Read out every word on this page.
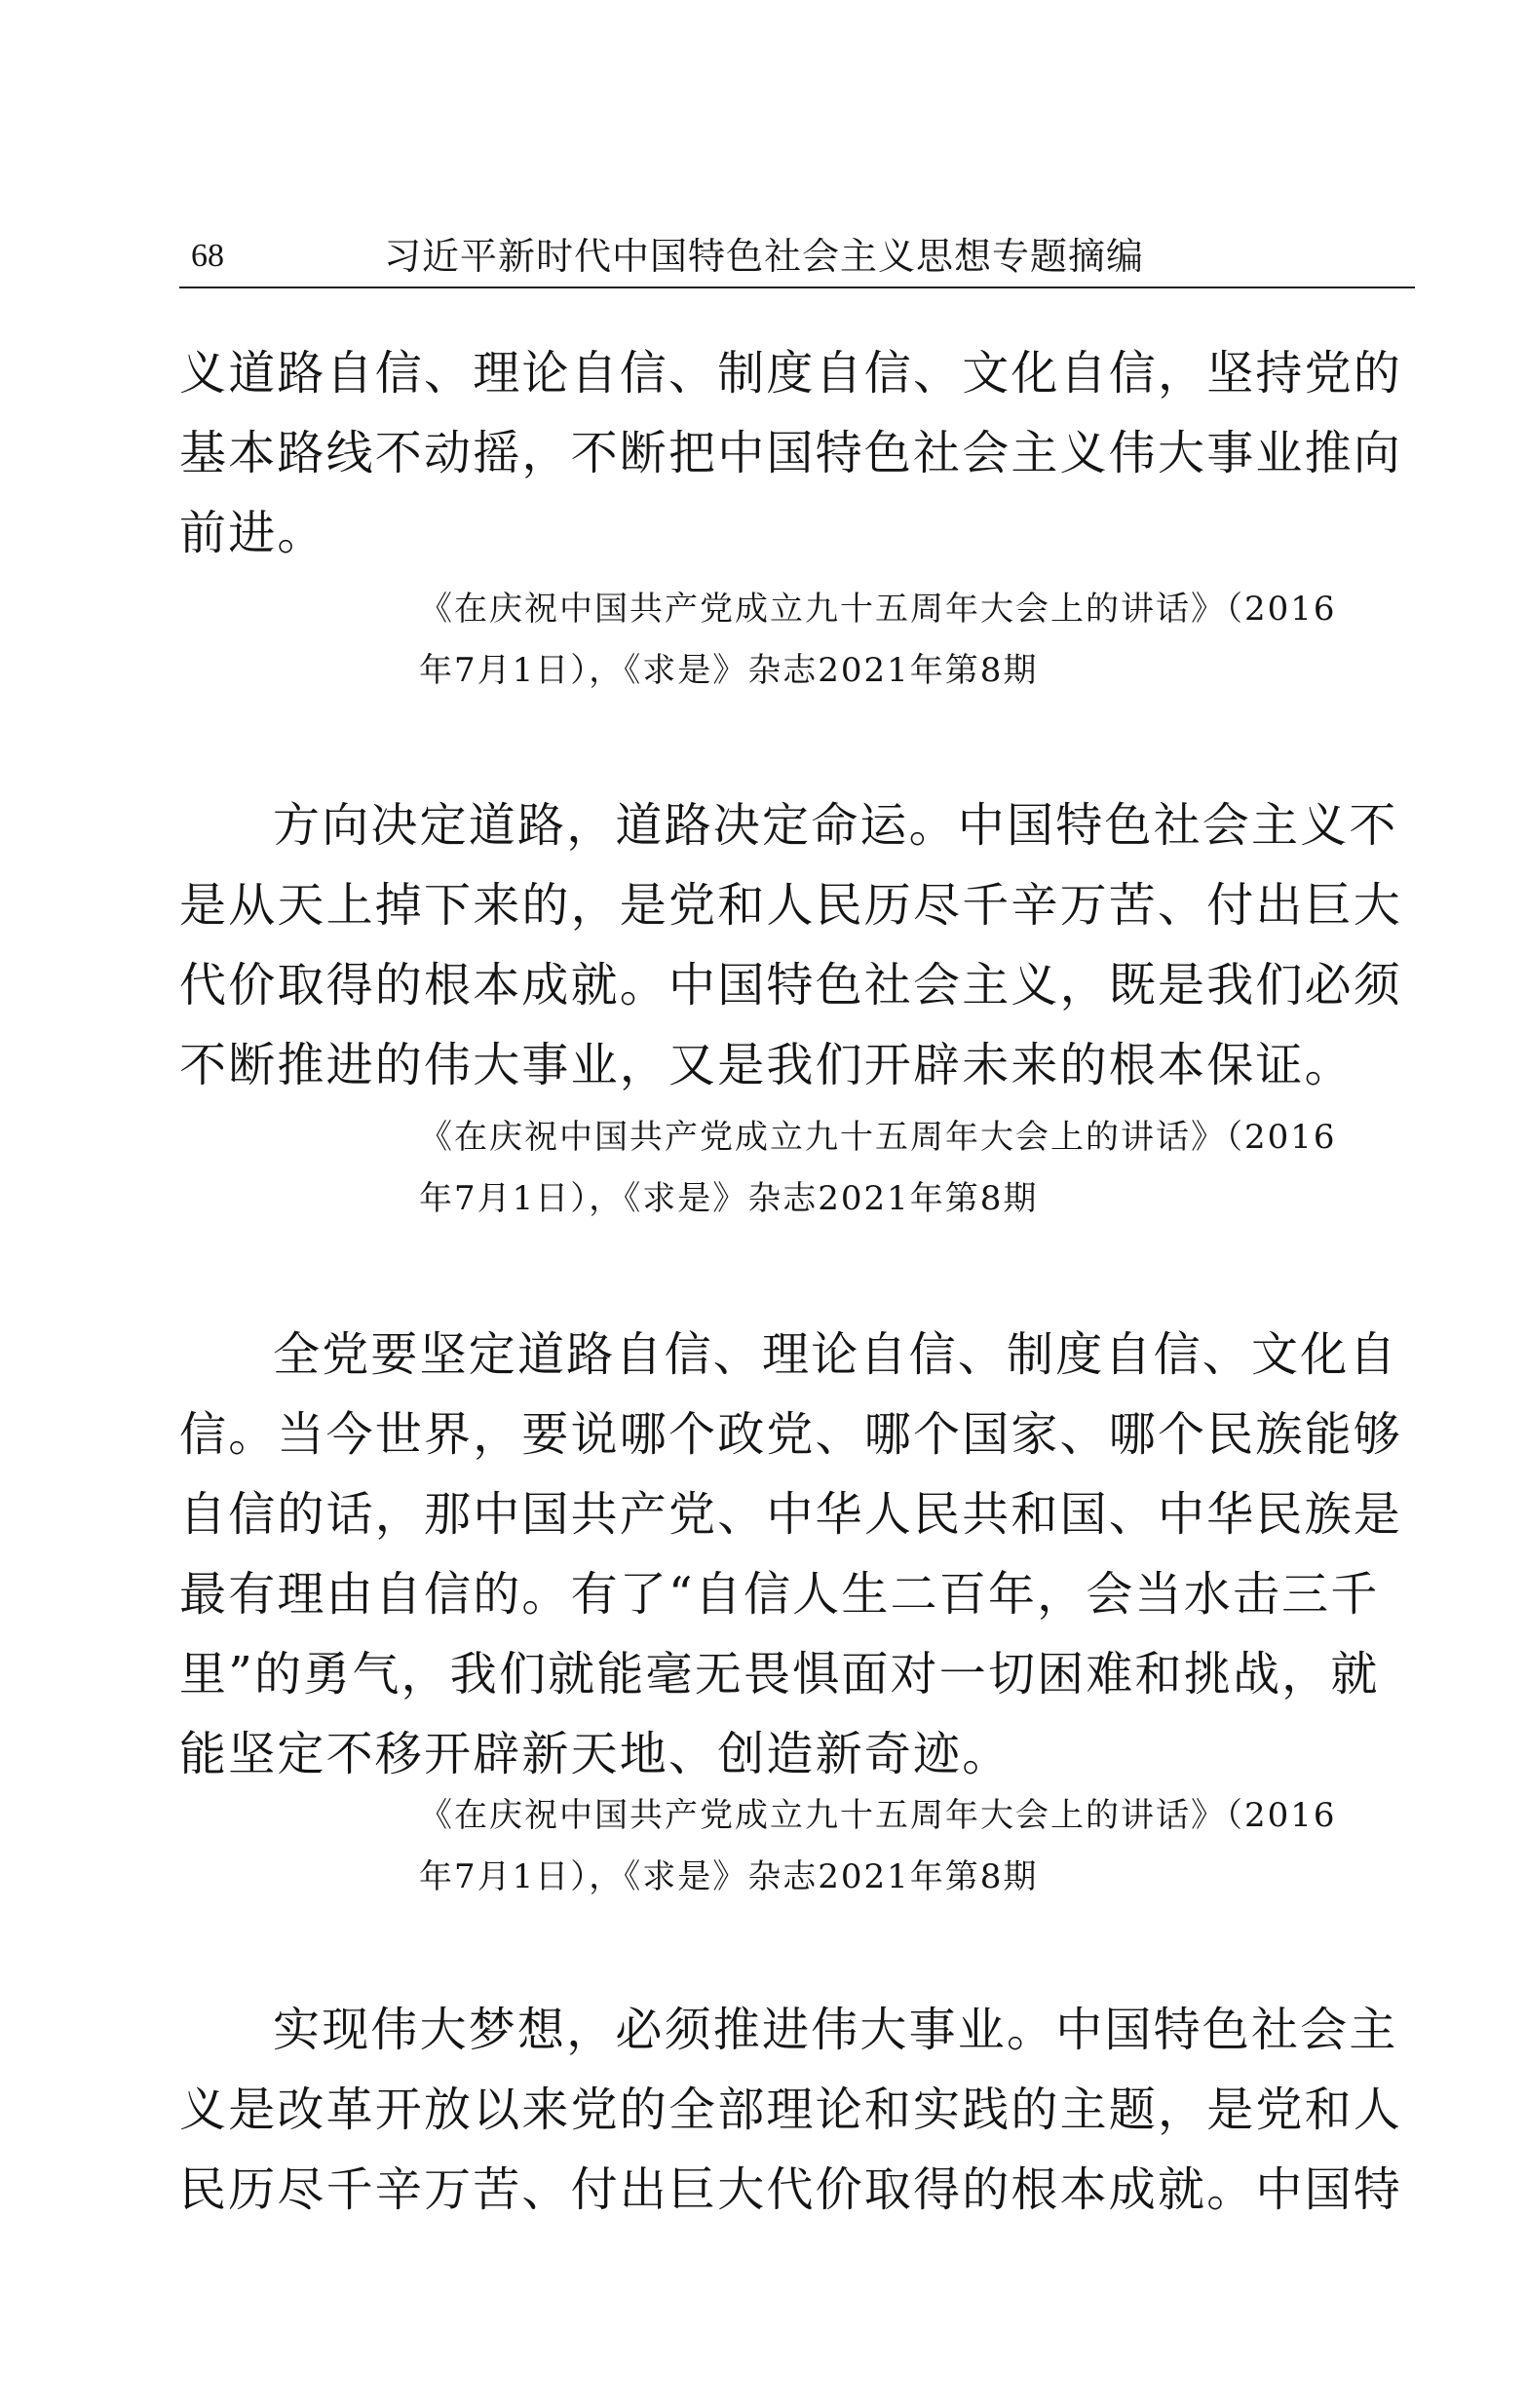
68	习近平新时代中国特色社会主义思想专题摘编
义道路自信、理论自信、制度自信、文化自信，坚持党的
基本路线不动摇，不断把中国特色社会主义伟大事业推向
前进。
《在庆祝中国共产党成立九十五周年大会上的讲话》（2016
年7月1日），《求是》杂志2021年第8期
方向决定道路，道路决定命运。中国特色社会主义不
是从天上掉下来的，是党和人民历尽千辛万苦、付出巨大
代价取得的根本成就。中国特色社会主义，既是我们必须
不断推进的伟大事业，又是我们开辟未来的根本保证。
《在庆祝中国共产党成立九十五周年大会上的讲话》（2016
年7月1日），《求是》杂志2021年第8期
全党要坚定道路自信、理论自信、制度自信、文化自
信。当今世界，要说哪个政党、哪个国家、哪个民族能够
自信的话，那中国共产党、中华人民共和国、中华民族是
最有理由自信的。有了“自信人生二百年，会当水击三千
里”的勇气，我们就能毫无畏惧面对一切困难和挑战，就
能坚定不移开辟新天地、创造新奇迹。
《在庆祝中国共产党成立九十五周年大会上的讲话》（2016
年7月1日），《求是》杂志2021年第8期
实现伟大梦想，必须推进伟大事业。中国特色社会主
义是改革开放以来党的全部理论和实践的主题，是党和人
民历尽千辛万苦、付出巨大代价取得的根本成就。中国特
